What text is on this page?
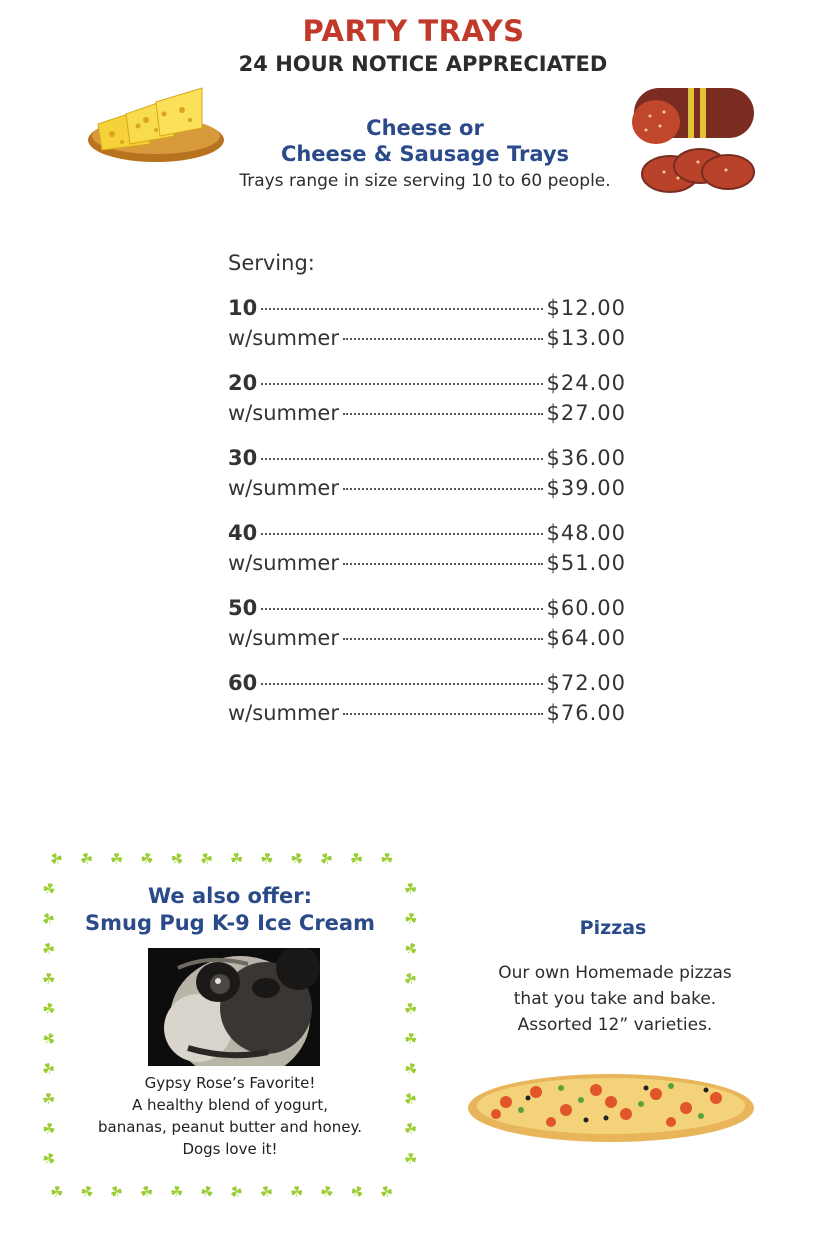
PARTY TRAYS
24 HOUR NOTICE APPRECIATED
Cheese or
Cheese & Sausage Trays
Trays range in size serving 10 to 60 people.
Serving:
10	$12.00
w/summer	$13.00
20	$24.00
w/summer	$27.00
30	$36.00
w/summer	$39.00
40	$48.00
w/summer	$51.00
50	$60.00
w/summer	$64.00
60	$72.00
w/summer	$76.00
☘
☘
☘
☘
☘
☘
☘
☘
☘
☘
☘
☘
☘
☘
☘
☘
☘
☘
☘
☘
☘
☘
☘
☘
☘	☘
☘	☘
☘	☘
☘	☘
☘	☘
☘	☘
☘	☘
☘	☘
☘	☘
☘	☘
We also offer:
Smug Pug K-9 Ice Cream
Gypsy Rose’s Favorite!
A healthy blend of yogurt,
bananas, peanut butter and honey.
Dogs love it!
Pizzas
Our own Homemade pizzas
that you take and bake.
Assorted 12” varieties.
